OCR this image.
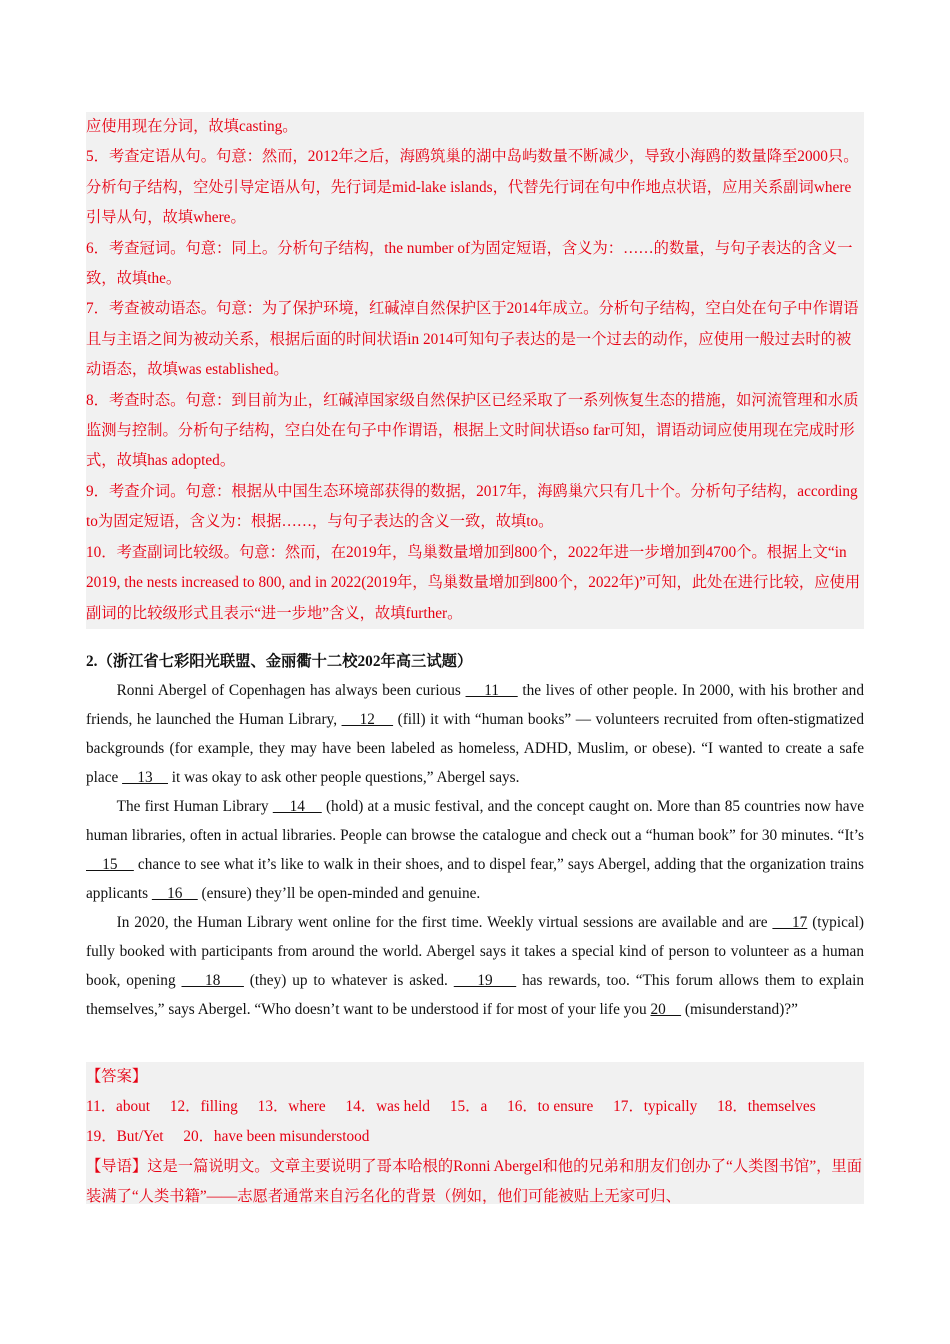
应使用现在分词，故填casting。

5．考查定语从句。句意：然而，2012年之后，海鸥筑巢的湖中岛屿数量不断减少，导致小海鸥的数量降至2000只。分析句子结构，空处引导定语从句，先行词是mid-lake islands，代替先行词在句中作地点状语，应用关系副词where引导从句，故填where。

6．考查冠词。句意：同上。分析句子结构，the number of为固定短语，含义为：……的数量，与句子表达的含义一致，故填the。

7．考查被动语态。句意：为了保护环境，红碱淖自然保护区于2014年成立。分析句子结构，空白处在句子中作谓语且与主语之间为被动关系，根据后面的时间状语in 2014可知句子表达的是一个过去的动作，应使用一般过去时的被动语态，故填was established。

8．考查时态。句意：到目前为止，红碱淖国家级自然保护区已经采取了一系列恢复生态的措施，如河流管理和水质监测与控制。分析句子结构，空白处在句子中作谓语，根据上文时间状语so far可知，谓语动词应使用现在完成时形式，故填has adopted。

9．考查介词。句意：根据从中国生态环境部获得的数据，2017年，海鸥巢穴只有几十个。分析句子结构，according to为固定短语，含义为：根据……，与句子表达的含义一致，故填to。

10．考查副词比较级。句意：然而，在2019年，鸟巢数量增加到800个，2022年进一步增加到4700个。根据上文“in 2019, the nests increased to 800, and in 2022(2019年，鸟巢数量增加到800个，2022年)”可知，此处在进行比较，应使用副词的比较级形式且表示“进一步地”含义，故填further。

2.（浙江省七彩阳光联盟、金丽衢十二校202年高三试题）

Ronni Abergel of Copenhagen has always been curious     11     the lives of other people. In 2000, with his brother and friends, he launched the Human Library,     12     (fill) it with “human books” — volunteers recruited from often-stigmatized backgrounds (for example, they may have been labeled as homeless, ADHD, Muslim, or obese). “I wanted to create a safe place     13     it was okay to ask other people questions,” Abergel says.

The first Human Library     14     (hold) at a music festival, and the concept caught on. More than 85 countries now have human libraries, often in actual libraries. People can browse the catalogue and check out a “human book” for 30 minutes. “It’s     15     chance to see what it’s like to walk in their shoes, and to dispel fear,” says Abergel, adding that the organization trains applicants     16     (ensure) they’ll be open-minded and genuine.

In 2020, the Human Library went online for the first time. Weekly virtual sessions are available and are     17 (typical) fully booked with participants from around the world. Abergel says it takes a special kind of person to volunteer as a human book, opening     18     (they) up to whatever is asked.     19     has rewards, too. “This forum allows them to explain themselves,” says Abergel. “Who doesn’t want to be understood if for most of your life you 20     (misunderstand)?”

【答案】

11．about 12．filling 13．where 14．was held 15．a 16．to ensure 17．typically 18．themselves 19．But/Yet 20．have been misunderstood

【导语】这是一篇说明文。文章主要说明了哥本哈根的Ronni Abergel和他的兄弟和朋友们创办了“人类图书馆”，里面装满了“人类书籍”——志愿者通常来自污名化的背景（例如，他们可能被贴上无家可归、
